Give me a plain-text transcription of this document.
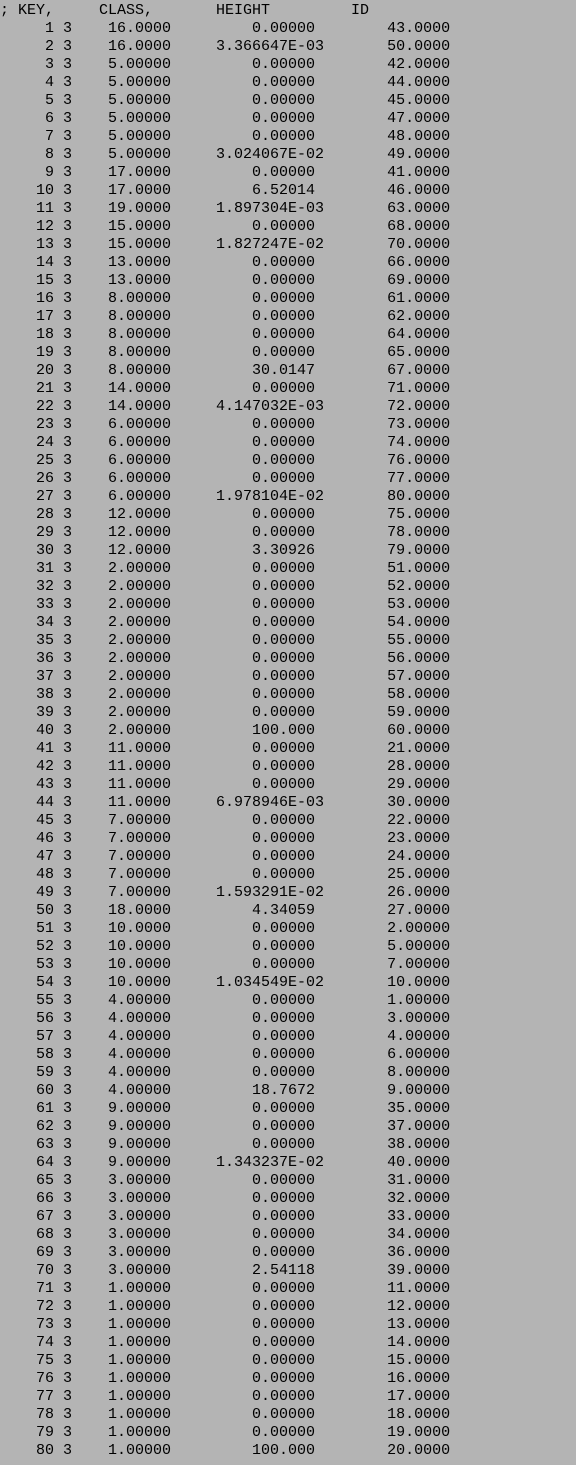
; KEY,     CLASS,       HEIGHT         ID
1 3    16.0000         0.00000        43.0000
2 3    16.0000     3.366647E-03       50.0000
3 3    5.00000         0.00000        42.0000
4 3    5.00000         0.00000        44.0000
5 3    5.00000         0.00000        45.0000
6 3    5.00000         0.00000        47.0000
7 3    5.00000         0.00000        48.0000
8 3    5.00000     3.024067E-02       49.0000
9 3    17.0000         0.00000        41.0000
10 3    17.0000         6.52014        46.0000
11 3    19.0000     1.897304E-03       63.0000
12 3    15.0000         0.00000        68.0000
13 3    15.0000     1.827247E-02       70.0000
14 3    13.0000         0.00000        66.0000
15 3    13.0000         0.00000        69.0000
16 3    8.00000         0.00000        61.0000
17 3    8.00000         0.00000        62.0000
18 3    8.00000         0.00000        64.0000
19 3    8.00000         0.00000        65.0000
20 3    8.00000         30.0147        67.0000
21 3    14.0000         0.00000        71.0000
22 3    14.0000     4.147032E-03       72.0000
23 3    6.00000         0.00000        73.0000
24 3    6.00000         0.00000        74.0000
25 3    6.00000         0.00000        76.0000
26 3    6.00000         0.00000        77.0000
27 3    6.00000     1.978104E-02       80.0000
28 3    12.0000         0.00000        75.0000
29 3    12.0000         0.00000        78.0000
30 3    12.0000         3.30926        79.0000
31 3    2.00000         0.00000        51.0000
32 3    2.00000         0.00000        52.0000
33 3    2.00000         0.00000        53.0000
34 3    2.00000         0.00000        54.0000
35 3    2.00000         0.00000        55.0000
36 3    2.00000         0.00000        56.0000
37 3    2.00000         0.00000        57.0000
38 3    2.00000         0.00000        58.0000
39 3    2.00000         0.00000        59.0000
40 3    2.00000         100.000        60.0000
41 3    11.0000         0.00000        21.0000
42 3    11.0000         0.00000        28.0000
43 3    11.0000         0.00000        29.0000
44 3    11.0000     6.978946E-03       30.0000
45 3    7.00000         0.00000        22.0000
46 3    7.00000         0.00000        23.0000
47 3    7.00000         0.00000        24.0000
48 3    7.00000         0.00000        25.0000
49 3    7.00000     1.593291E-02       26.0000
50 3    18.0000         4.34059        27.0000
51 3    10.0000         0.00000        2.00000
52 3    10.0000         0.00000        5.00000
53 3    10.0000         0.00000        7.00000
54 3    10.0000     1.034549E-02       10.0000
55 3    4.00000         0.00000        1.00000
56 3    4.00000         0.00000        3.00000
57 3    4.00000         0.00000        4.00000
58 3    4.00000         0.00000        6.00000
59 3    4.00000         0.00000        8.00000
60 3    4.00000         18.7672        9.00000
61 3    9.00000         0.00000        35.0000
62 3    9.00000         0.00000        37.0000
63 3    9.00000         0.00000        38.0000
64 3    9.00000     1.343237E-02       40.0000
65 3    3.00000         0.00000        31.0000
66 3    3.00000         0.00000        32.0000
67 3    3.00000         0.00000        33.0000
68 3    3.00000         0.00000        34.0000
69 3    3.00000         0.00000        36.0000
70 3    3.00000         2.54118        39.0000
71 3    1.00000         0.00000        11.0000
72 3    1.00000         0.00000        12.0000
73 3    1.00000         0.00000        13.0000
74 3    1.00000         0.00000        14.0000
75 3    1.00000         0.00000        15.0000
76 3    1.00000         0.00000        16.0000
77 3    1.00000         0.00000        17.0000
78 3    1.00000         0.00000        18.0000
79 3    1.00000         0.00000        19.0000
80 3    1.00000         100.000        20.0000
